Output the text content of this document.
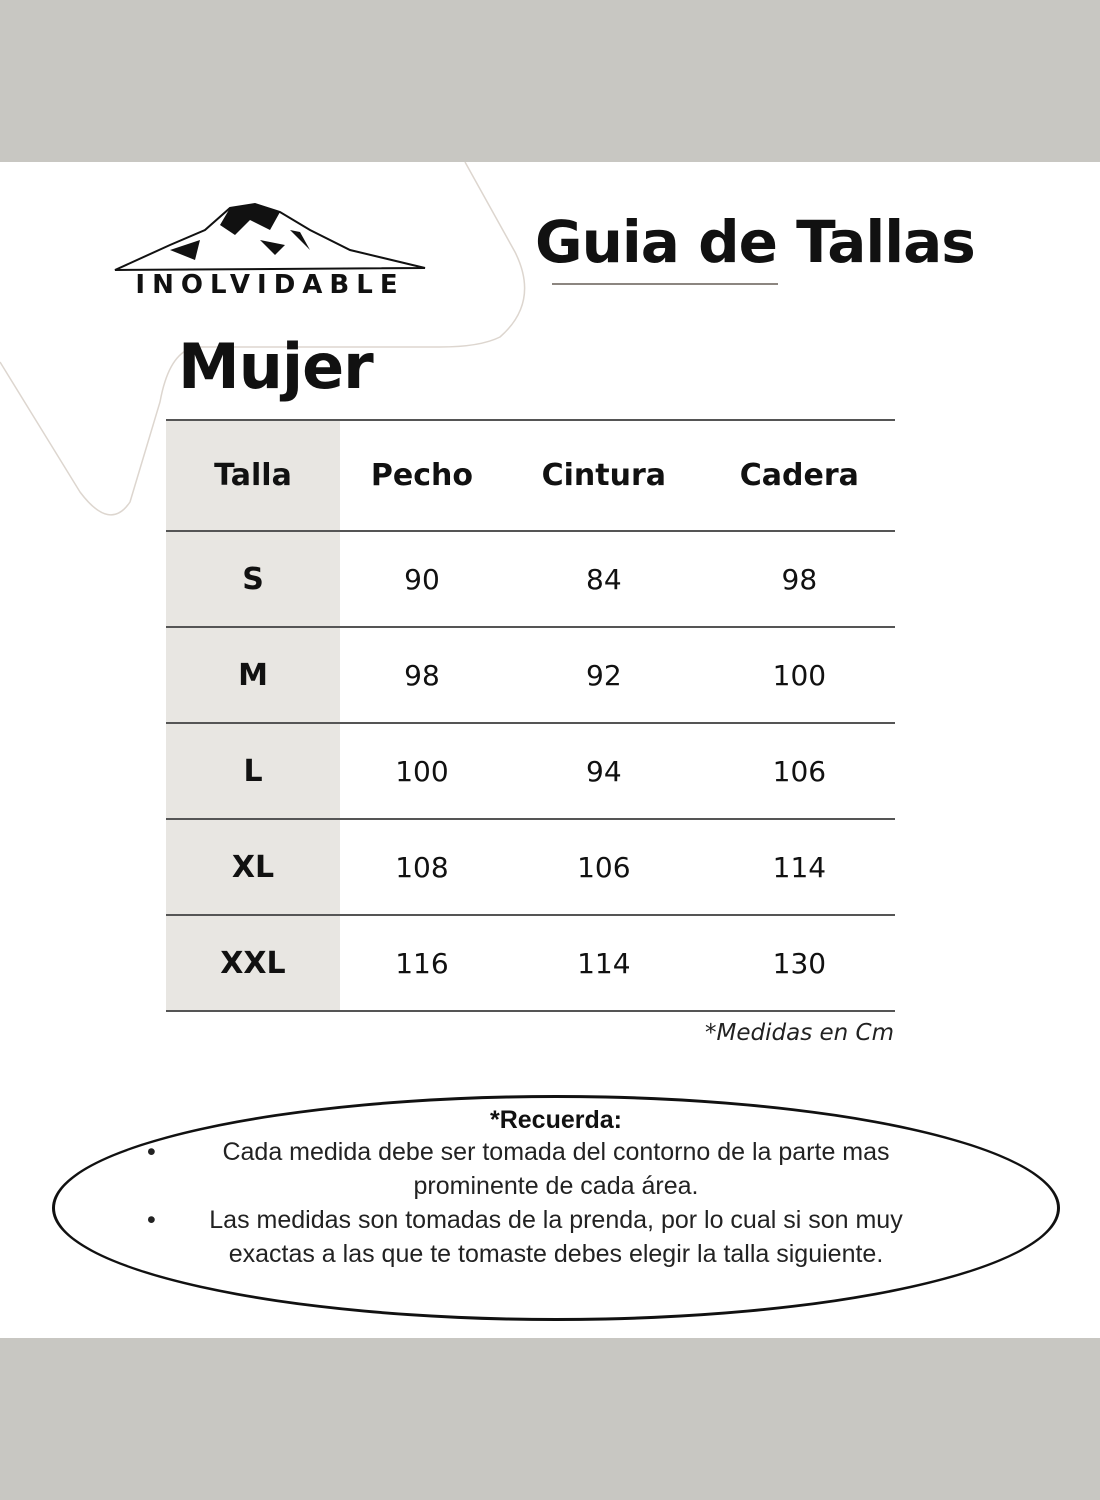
INOLVIDABLE
Guia de Tallas
Mujer
Talla	Pecho	Cintura	Cadera
S	90	84	98
M	98	92	100
L	100	94	106
XL	108	106	114
XXL	116	114	130
*Medidas en Cm
*Recuerda:
•	Cada medida debe ser tomada del contorno de la parte mas prominente de cada área.
• Las medidas son tomadas de la prenda, por lo cual si son muy exactas a las que te tomaste debes elegir la talla siguiente.
